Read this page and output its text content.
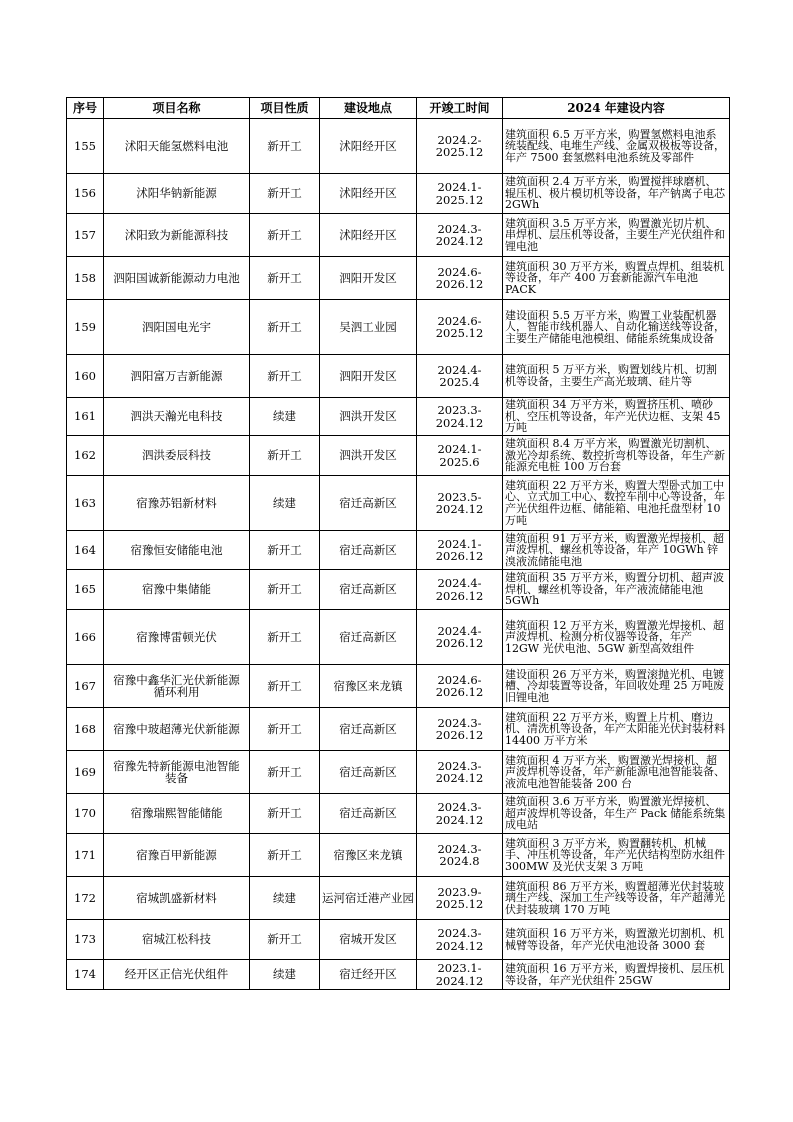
序号	项目名称	项目性质	建设地点	开竣工时间	2024 年建设内容
155	沭阳天能氢燃料电池	新开工	沭阳经开区	2024.2-2025.12	建筑面积 6.5 万平方米，购置氢燃料电池系统装配线、电堆生产线、金属双极板等设备，年产 7500 套氢燃料电池系统及零部件
156	沭阳华钠新能源	新开工	沭阳经开区	2024.1-2025.12	建筑面积 2.4 万平方米，购置搅拌球磨机、辊压机、极片模切机等设备，年产钠离子电芯 2GWh
157	沭阳致为新能源科技	新开工	沭阳经开区	2024.3-2024.12	建筑面积 3.5 万平方米，购置激光切片机、串焊机、层压机等设备，主要生产光伏组件和锂电池
158	泗阳国诚新能源动力电池	新开工	泗阳开发区	2024.6-2026.12	建筑面积 30 万平方米，购置点焊机、组装机等设备，年产 400 万套新能源汽车电池 PACK
159	泗阳国电光宇	新开工	吴泗工业园	2024.6-2025.12	建设面积 5.5 万平方米，购置工业装配机器人，智能市线机器人、自动化输送线等设备，主要生产储能电池模组、储能系统集成设备
160	泗阳富万吉新能源	新开工	泗阳开发区	2024.4-2025.4	建筑面积 5 万平方米，购置划线片机、切割机等设备，主要生产高光玻璃、硅片等
161	泗洪天瀚光电科技	续建	泗洪开发区	2023.3-2024.12	建筑面积 34 万平方米，购置挤压机、喷砂机、空压机等设备，年产光伏边框、支架 45 万吨
162	泗洪委辰科技	新开工	泗洪开发区	2024.1-2025.6	建筑面积 8.4 万平方米，购置激光切割机、激光冷却系统、数控折弯机等设备，年生产新能源充电桩 100 万台套
163	宿豫苏铝新材料	续建	宿迁高新区	2023.5-2024.12	建筑面积 22 万平方米，购置大型卧式加工中心、立式加工中心、数控车削中心等设备，年产光伏组件边框、储能箱、电池托盘型材 10 万吨
164	宿豫恒安储能电池	新开工	宿迁高新区	2024.1-2026.12	建筑面积 91 万平方米，购置激光焊接机、超声波焊机、螺丝机等设备，年产 10GWh 锌溴液流储能电池
165	宿豫中集储能	新开工	宿迁高新区	2024.4-2026.12	建筑面积 35 万平方米，购置分切机、超声波焊机、螺丝机等设备，年产液流储能电池 5GWh
166	宿豫博雷顿光伏	新开工	宿迁高新区	2024.4-2026.12	建筑面积 12 万平方米，购置激光焊接机、超声波焊机、检测分析仪器等设备，年产 12GW 光伏电池、5GW 新型高效组件
167	宿豫中鑫华汇光伏新能源循环利用	新开工	宿豫区来龙镇	2024.6-2026.12	建设面积 26 万平方米，购置滚抛光机、电镀槽、冷却装置等设备，年回收处理 25 万吨废旧锂电池
168	宿豫中玻超薄光伏新能源	新开工	宿迁高新区	2024.3-2026.12	建筑面积 22 万平方米，购置上片机、磨边机、清洗机等设备，年产太阳能光伏封装材料 14400 万平方米
169	宿豫先特新能源电池智能装备	新开工	宿迁高新区	2024.3-2024.12	建筑面积 4 万平方米，购置激光焊接机、超声波焊机等设备，年产新能源电池智能装备、液流电池智能装备 200 台
170	宿豫瑞熙智能储能	新开工	宿迁高新区	2024.3-2024.12	建筑面积 3.6 万平方米，购置激光焊接机、超声波焊机等设备，年生产 Pack 储能系统集成电站
171	宿豫百甲新能源	新开工	宿豫区来龙镇	2024.3-2024.8	建筑面积 3 万平方米，购置翻转机、机械手、冲压机等设备，年产光伏结构型防水组件 300MW 及光伏支架 3 万吨
172	宿城凯盛新材料	续建	运河宿迁港产业园	2023.9-2025.12	建筑面积 86 万平方米，购置超薄光伏封装玻璃生产线、深加工生产线等设备，年产超薄光伏封装玻璃 170 万吨
173	宿城江松科技	新开工	宿城开发区	2024.3-2024.12	建筑面积 16 万平方米，购置激光切割机、机械臂等设备，年产光伏电池设备 3000 套
174	经开区正信光伏组件	续建	宿迁经开区	2023.1-2024.12	建筑面积 16 万平方米，购置焊接机、层压机等设备，年产光伏组件 25GW
